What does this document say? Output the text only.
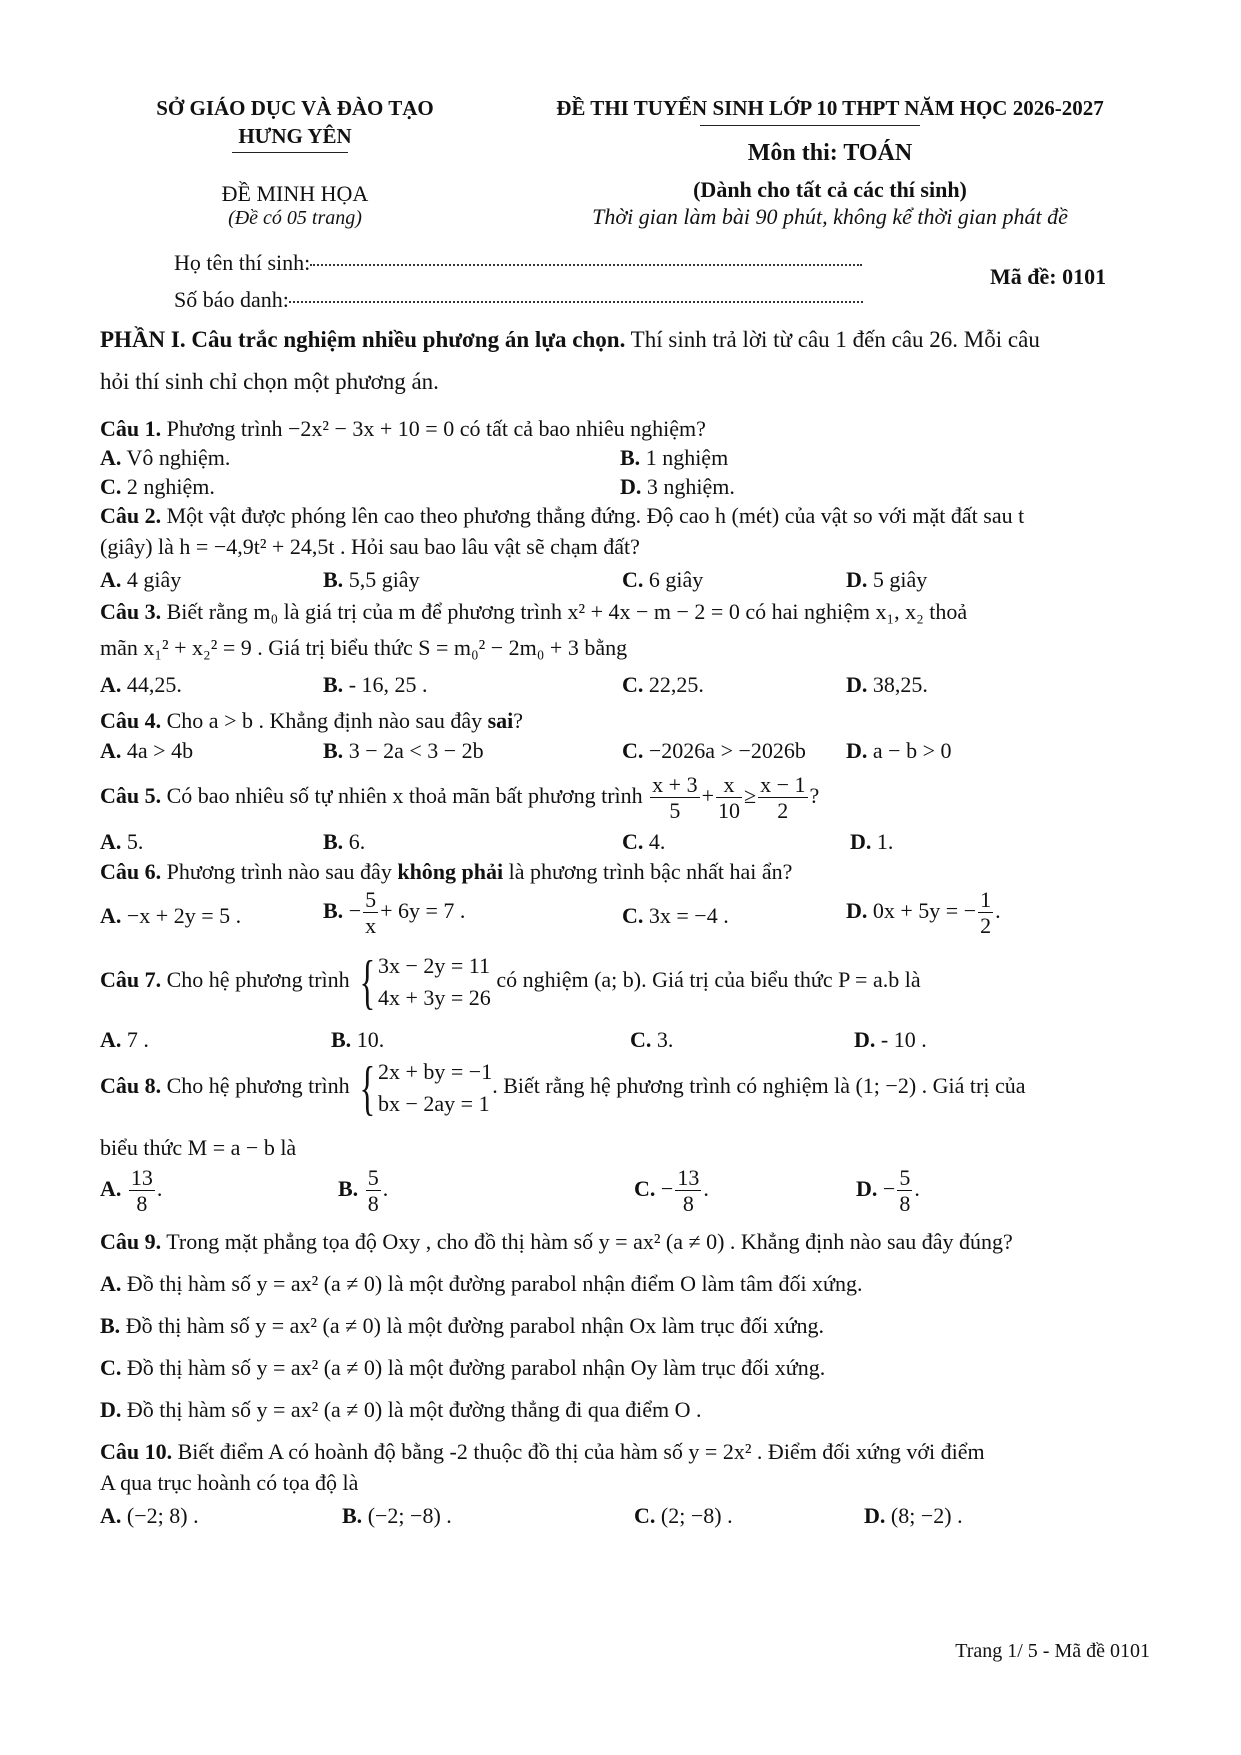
SỞ GIÁO DỤC VÀ ĐÀO TẠO
HƯNG YÊN
ĐỀ THI TUYỂN SINH LỚP 10 THPT NĂM HỌC 2026-2027
Môn thi: TOÁN
(Dành cho tất cả các thí sinh)
Thời gian làm bài 90 phút, không kể thời gian phát đề
ĐỀ MINH HỌA
(Đề có 05 trang)
Họ tên thí sinh:
Số báo danh:
Mã đề: 0101
PHẦN I. Câu trắc nghiệm nhiều phương án lựa chọn. Thí sinh trả lời từ câu 1 đến câu 26. Mỗi câu
hỏi thí sinh chỉ chọn một phương án.
Câu 1. Phương trình −2x² − 3x + 10 = 0 có tất cả bao nhiêu nghiệm?
A. Vô nghiệm.	B. 1 nghiệm
C. 2 nghiệm.	D. 3 nghiệm.
Câu 2. Một vật được phóng lên cao theo phương thẳng đứng. Độ cao h (mét) của vật so với mặt đất sau t
(giây) là h = −4,9t² + 24,5t . Hỏi sau bao lâu vật sẽ chạm đất?
A. 4 giây	B. 5,5 giây	C. 6 giây	D. 5 giây
Câu 3. Biết rằng m₀ là giá trị của m để phương trình x² + 4x − m − 2 = 0 có hai nghiệm x₁, x₂ thoả
mãn x₁² + x₂² = 9 . Giá trị biểu thức S = m₀² − 2m₀ + 3 bằng
A. 44,25.	B. - 16, 25 .	C. 22,25.	D. 38,25.
Câu 4. Cho a > b . Khẳng định nào sau đây sai?
A. 4a > 4b	B. 3 − 2a < 3 − 2b	C. −2026a > −2026b D. a − b > 0
Câu 5. Có bao nhiêu số tự nhiên x thoả mãn bất phương trình $\frac{x + 3}{5} + \frac{x}{10} \ge \frac{x - 1}{2}$ ?
A. 5.	B. 6.	C. 4.	D. 1.
Câu 6. Phương trình nào sau đây không phải là phương trình bậc nhất hai ẩn?
A. −x + 2y = 5 .	B. − $\frac{5}{x} + 6y = 7$ .	C. 3x = −4 .	D. 0x + 5y = − $\frac{1}{2}$ .
Câu 7. Cho hệ phương trình { 3x − 2y = 11
4x + 3y = 26
có nghiệm (a; b). Giá trị của biểu thức P = a.b là
A. 7 .	B. 10.	C. 3.	D. - 10 .
Câu 8. Cho hệ phương trình { 2x + by = −1
bx − 2ay = 1
. Biết rằng hệ phương trình có nghiệm là (1; −2) . Giá trị của
biểu thức M = a − b là
A. $\frac{13}{8}$ .	B. $\frac{5}{8}$ .	C. − $\frac{13}{8}$ .	D. − $\frac{5}{8}$ .
Câu 9. Trong mặt phẳng tọa độ Oxy , cho đồ thị hàm số y = ax² (a ≠ 0) . Khẳng định nào sau đây đúng?
A. Đồ thị hàm số y = ax² (a ≠ 0) là một đường parabol nhận điểm O làm tâm đối xứng.
B. Đồ thị hàm số y = ax² (a ≠ 0) là một đường parabol nhận Ox làm trục đối xứng.
C. Đồ thị hàm số y = ax² (a ≠ 0) là một đường parabol nhận Oy làm trục đối xứng.
D. Đồ thị hàm số y = ax² (a ≠ 0) là một đường thẳng đi qua điểm O .
Câu 10. Biết điểm A có hoành độ bằng -2 thuộc đồ thị của hàm số y = 2x² . Điểm đối xứng với điểm
A qua trục hoành có tọa độ là
A. (−2; 8) .	B. (−2; −8) .	C. (2; −8) .	D. (8; −2) .
Trang 1/ 5 - Mã đề 0101
